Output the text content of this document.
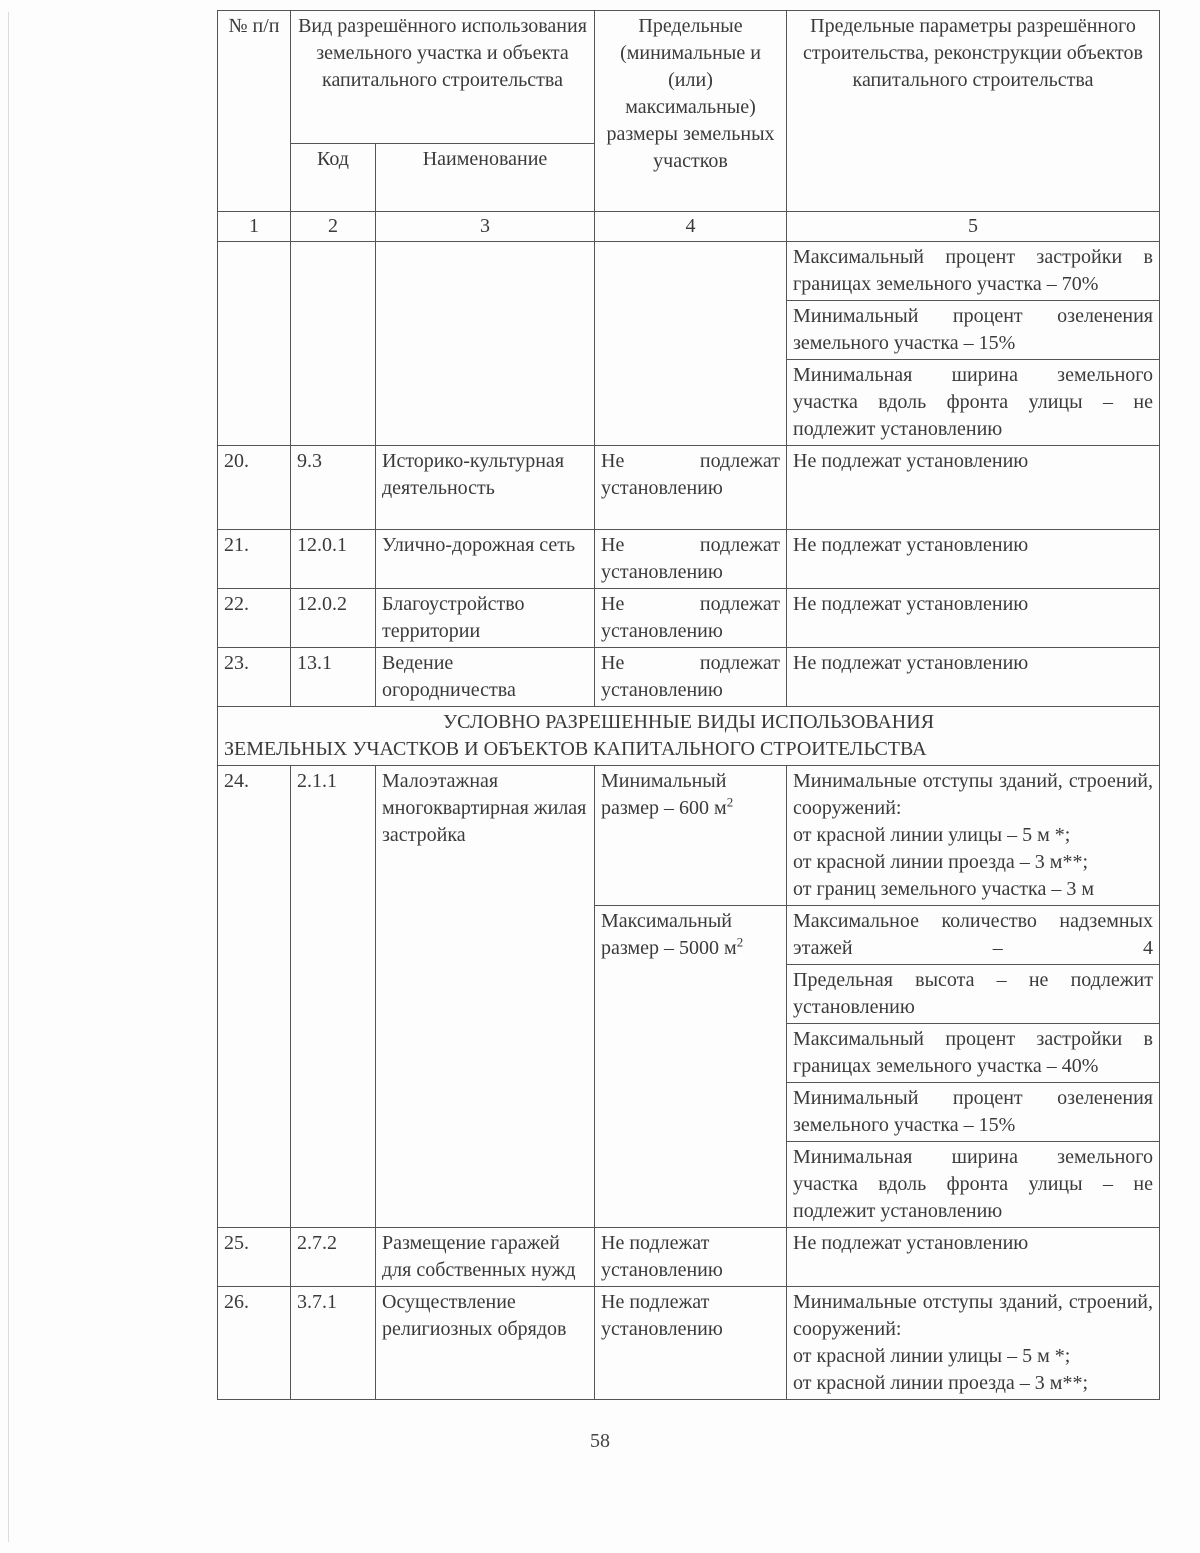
№ п/п	Вид разрешённого использования земельного участка и объекта капитального строительства		Предельные (минимальные и (или) максимальные) размеры земельных участков	Предельные параметры разрешённого строительства, реконструкции объектов капитального строительства
	Код	Наименование		
1	2	3	4	5
				Максимальный процент застройки в границах земельного участка – 70%
				Минимальный процент озеленения земельного участка – 15%
				Минимальная ширина земельного участка вдоль фронта улицы – не подлежит установлению
20.	9.3	Историко-культурная деятельность	Не подлежат установлению	Не подлежат установлению
21.	12.0.1	Улично-дорожная сеть	Не подлежат установлению	Не подлежат установлению
22.	12.0.2	Благоустройство территории	Не подлежат установлению	Не подлежат установлению
23.	13.1	Ведение огородничества	Не подлежат установлению	Не подлежат установлению

УСЛОВНО РАЗРЕШЕННЫЕ ВИДЫ ИСПОЛЬЗОВАНИЯ
ЗЕМЕЛЬНЫХ УЧАСТКОВ И ОБЪЕКТОВ КАПИТАЛЬНОГО СТРОИТЕЛЬСТВА				

24.	2.1.1	Малоэтажная многоквартирная жилая застройка	Минимальный размер – 600 $м^2$	Минимальные отступы зданий, строений, сооружений:
от красной линии улицы – 5 м *;
от красной линии проезда – 3 м**;
от границ земельного участка – 3 м

			Максимальный размер – 5000 $м^2$	Максимальное количество надземных этажей – 4
				Предельная высота – не подлежит установлению
				Максимальный процент застройки в границах земельного участка – 40%
				Минимальный процент озеленения земельного участка – 15%
				Минимальная ширина земельного участка вдоль фронта улицы – не подлежит установлению
25.	2.7.2	Размещение гаражей для собственных нужд	Не подлежат установлению	Не подлежат установлению
26.	3.7.1	Осуществление религиозных обрядов	Не подлежат установлению	Минимальные отступы зданий, строений, сооружений:
от красной линии улицы – 5 м *;
от красной линии проезда – 3 м**;
58
